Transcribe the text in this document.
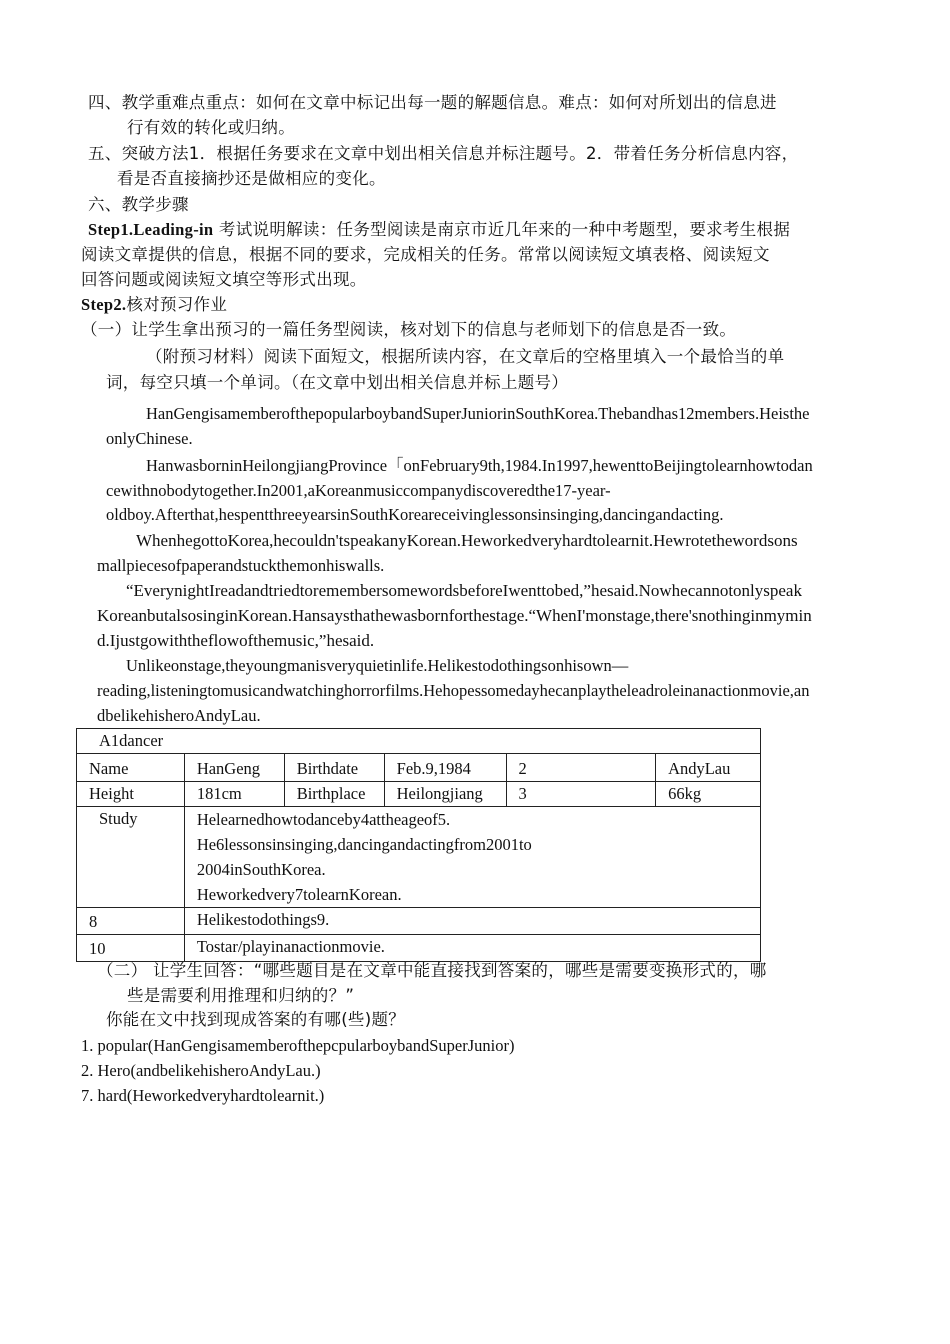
四、教学重难点重点：如何在文章中标记出每一题的解题信息。难点：如何对所划出的信息进
行有效的转化或归纳。
五、突破方法1．根据任务要求在文章中划出相关信息并标注题号。2．带着任务分析信息内容，
看是否直接摘抄还是做相应的变化。
六、教学步骤
Step1.Leading-in 考试说明解读：任务型阅读是南京市近几年来的一种中考题型，要求考生根据
阅读文章提供的信息，根据不同的要求，完成相关的任务。常常以阅读短文填表格、阅读短文
回答问题或阅读短文填空等形式出现。
Step2.核对预习作业
（一）让学生拿出预习的一篇任务型阅读，核对划下的信息与老师划下的信息是否一致。
（附预习材料）阅读下面短文，根据所读内容，在文章后的空格里填入一个最恰当的单
词，每空只填一个单词。（在文章中划出相关信息并标上题号）
HanGengisamemberofthepopularboybandSuperJuniorinSouthKorea.Thebandhas12members.Heisthe
onlyChinese.
HanwasborninHeilongjiangProvince「onFebruary9th,1984.In1997,hewenttoBeijingtolearnhowtodan
cewithnobodytogether.In2001,aKoreanmusiccompanydiscoveredthe17-year-
oldboy.Afterthat,hespentthreeyearsinSouthKoreareceivinglessonsinsinging,dancingandacting.
WhenhegottoKorea,hecouldn'tspeakanyKorean.Heworkedveryhardtolearnit.Hewrotethewordsons
mallpiecesofpaperandstuckthemonhiswalls.
“EverynightIreadandtriedtoremembersomewordsbeforeIwenttobed,”hesaid.Nowhecannotonlyspeak
KoreanbutalsosinginKorean.Hansaysthathewasbornforthestage.“WhenI'monstage,there'snothinginmymin
d.Ijustgowiththeflowofthemusic,”hesaid.
Unlikeonstage,theyoungmanisveryquietinlife.Helikestodothingsonhisown—
reading,listeningtomusicandwatchinghorrorfilms.Hehopessomedayhecanplaytheleadroleinanactionmovie,an
dbelikehisheroAndyLau.
A1dancer					
Name	HanGeng	Birthdate	Feb.9,1984	2	AndyLau
Height	181cm	Birthplace	Heilongjiang	3	66kg
Study	Helearnedhowtodanceby4attheageof5.
He6lessonsinsinging,dancingandactingfrom2001to
2004inSouthKorea.
Heworkedvery7tolearnKorean.				

8	Helikestodothings9.				
10	Tostar/playinanactionmovie.				
（二） 让学生回答：“哪些题目是在文章中能直接找到答案的，哪些是需要变换形式的，哪
些是需要利用推理和归纳的？”
你能在文中找到现成答案的有哪(些)题？
1. popular(HanGengisamemberofthepcpularboybandSuperJunior)
2. Hero(andbelikehisheroAndyLau.)
7. hard(Heworkedveryhardtolearnit.)
